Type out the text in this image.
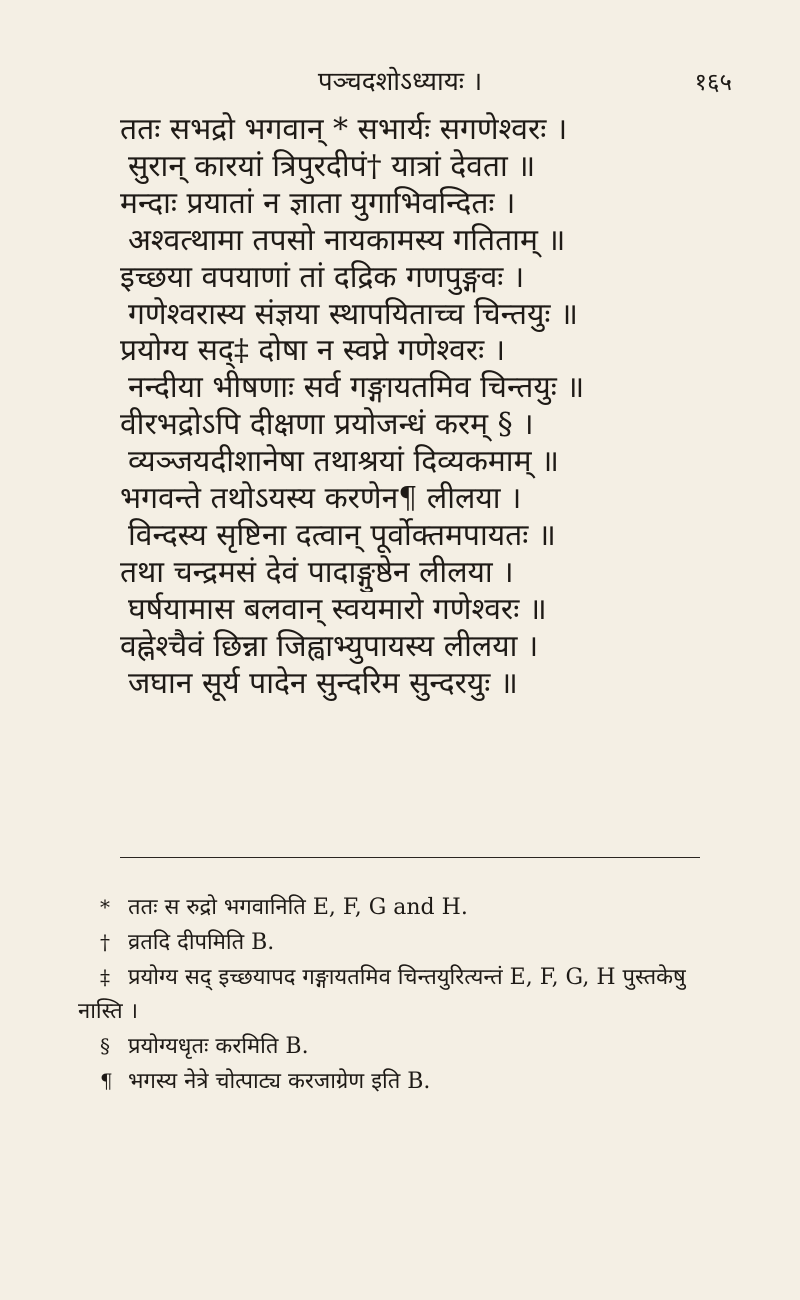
पञ्चदशोऽध्यायः ।	१६५
ततः सभद्रो भगवान् * सभार्यः सगणेश्वरः ।
सुरान् कारयां त्रिपुरदीपं† यात्रां देवता ॥
मन्दाः प्रयातां न ज्ञाता युगाभिवन्दितः ।
अश्वत्थामा तपसो नायकामस्य गतिताम् ॥
इच्छया वपयाणां तां दद्रिक गणपुङ्गवः ।
गणेश्वरास्य संज्ञया स्थापयिताच्च चिन्तयुः ॥
प्रयोग्य सद्‌‡ दोषा न स्वप्ने गणेश्वरः ।
नन्दीया भीषणाः सर्व गङ्गायतमिव चिन्तयुः ॥
वीरभद्रोऽपि दीक्षणा प्रयोजन्धं करम् § ।
व्यञ्जयदीशानेषा तथाश्रयां दिव्यकमाम् ॥
भगवन्ते तथोऽयस्य करणेन¶ लीलया ।
विन्दस्य सृष्टिना दत्वान् पूर्वोक्तमपायतः ॥
तथा चन्द्रमसं देवं पादाङ्गुष्ठेन लीलया ।
घर्षयामास बलवान् स्वयमारो गणेश्वरः ॥
वह्नेश्चैवं छिन्ना जिह्वाभ्युपायस्य लीलया ।
जघान सूर्य पादेन सुन्दरिम सुन्दरयुः ॥
* ततः स रुद्रो भगवानिति E, F, G and H.
† व्रतदि दीपमिति B.
‡ प्रयोग्य सद्‌ इच्छयापद गङ्गायतमिव चिन्तयुरित्यन्तं E, F, G, H पुस्तकेषु
नास्ति ।
§ प्रयोग्यधृतः करमिति B.
¶ भगस्य नेत्रे चोत्पाट्य करजाग्रेण इति B.
